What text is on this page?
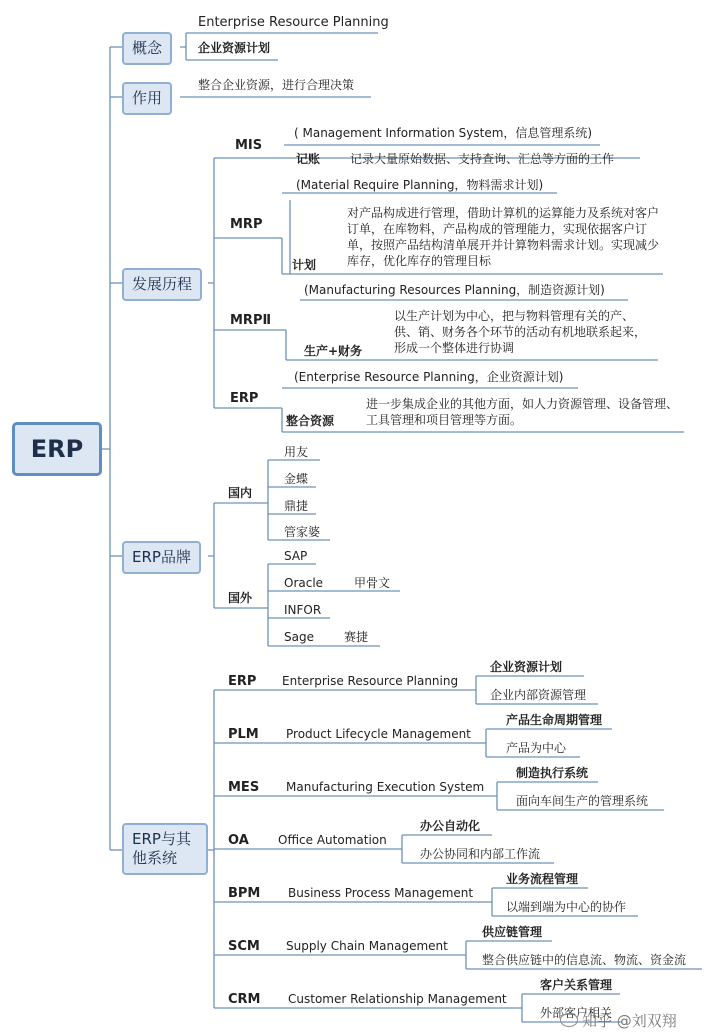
ERP
概念
作用
发展历程
ERP品牌
ERP与其他系统
Enterprise Resource Planning
企业资源计划
整合企业资源，进行合理决策
MIS
( Management Information System，信息管理系统)
记账 记录大量原始数据、支持查询、汇总等方面的工作
MRP
(Material Require Planning，物料需求计划)
计划
对产品构成进行管理，借助计算机的运算能力及系统对客户订单，在库物料，产品构成的管理能力，实现依据客户订单，按照产品结构清单展开并计算物料需求计划。实现减少库存，优化库存的管理目标
MRPⅡ
(Manufacturing Resources Planning，制造资源计划)
生产+财务
以生产计划为中心，把与物料管理有关的产、供、销、财务各个环节的活动有机地联系起来，形成一个整体进行协调
ERP
(Enterprise Resource Planning，企业资源计划)
整合资源
进一步集成企业的其他方面，如人力资源管理、设备管理、工具管理和项目管理等方面。
国内
用友
金蝶
鼎捷
管家婆
国外
SAP
Oracle	甲骨文
INFOR
Sage	赛捷
ERP Enterprise Resource Planning
企业资源计划
企业内部资源管理
PLM Product Lifecycle Management
产品生命周期管理
产品为中心
MES Manufacturing Execution System
制造执行系统
面向车间生产的管理系统
OA Office Automation
办公自动化
办公协同和内部工作流
BPM Business Process Management
业务流程管理
以端到端为中心的协作
SCM Supply Chain Management
供应链管理
整合供应链中的信息流、物流、资金流
CRM Customer Relationship Management
客户关系管理
外部客户相关
知乎 @刘双翔
